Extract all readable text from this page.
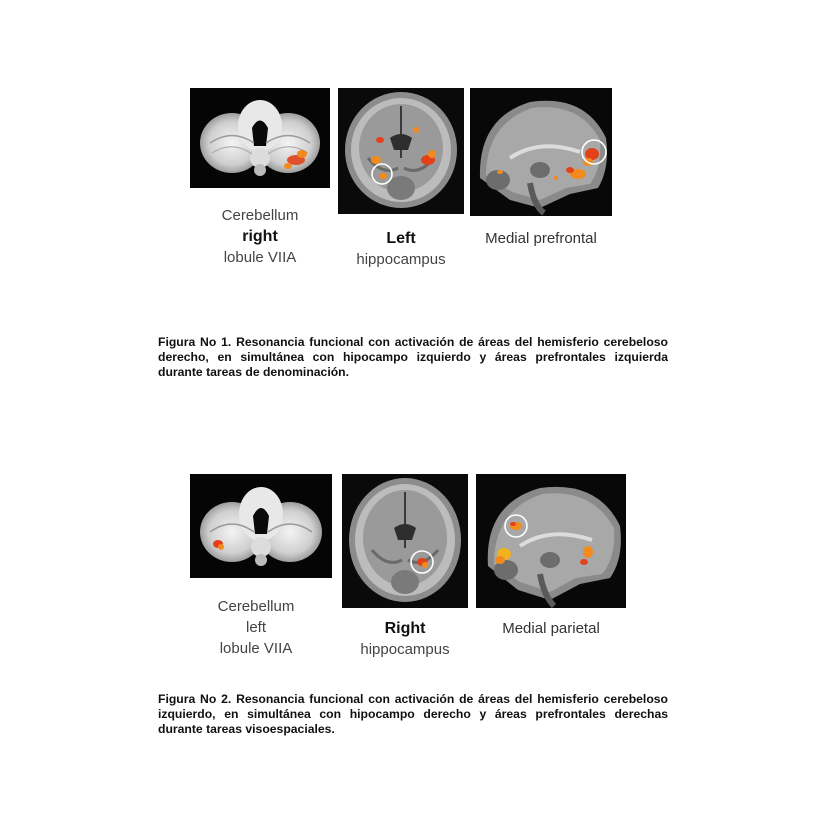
Cerebellum
right
lobule VIIA
Left
hippocampus
Medial prefrontal
Figura No 1. Resonancia funcional con activación de áreas del hemisferio cerebeloso derecho, en simultánea con hipocampo izquierdo y áreas prefrontales izquierda durante tareas de denominación.
Cerebellum
left
lobule VIIA
Right
hippocampus
Medial parietal
Figura No 2. Resonancia funcional con activación de áreas del hemisferio cerebeloso izquierdo, en simultánea con hipocampo derecho y áreas prefrontales derechas durante tareas visoespaciales.
